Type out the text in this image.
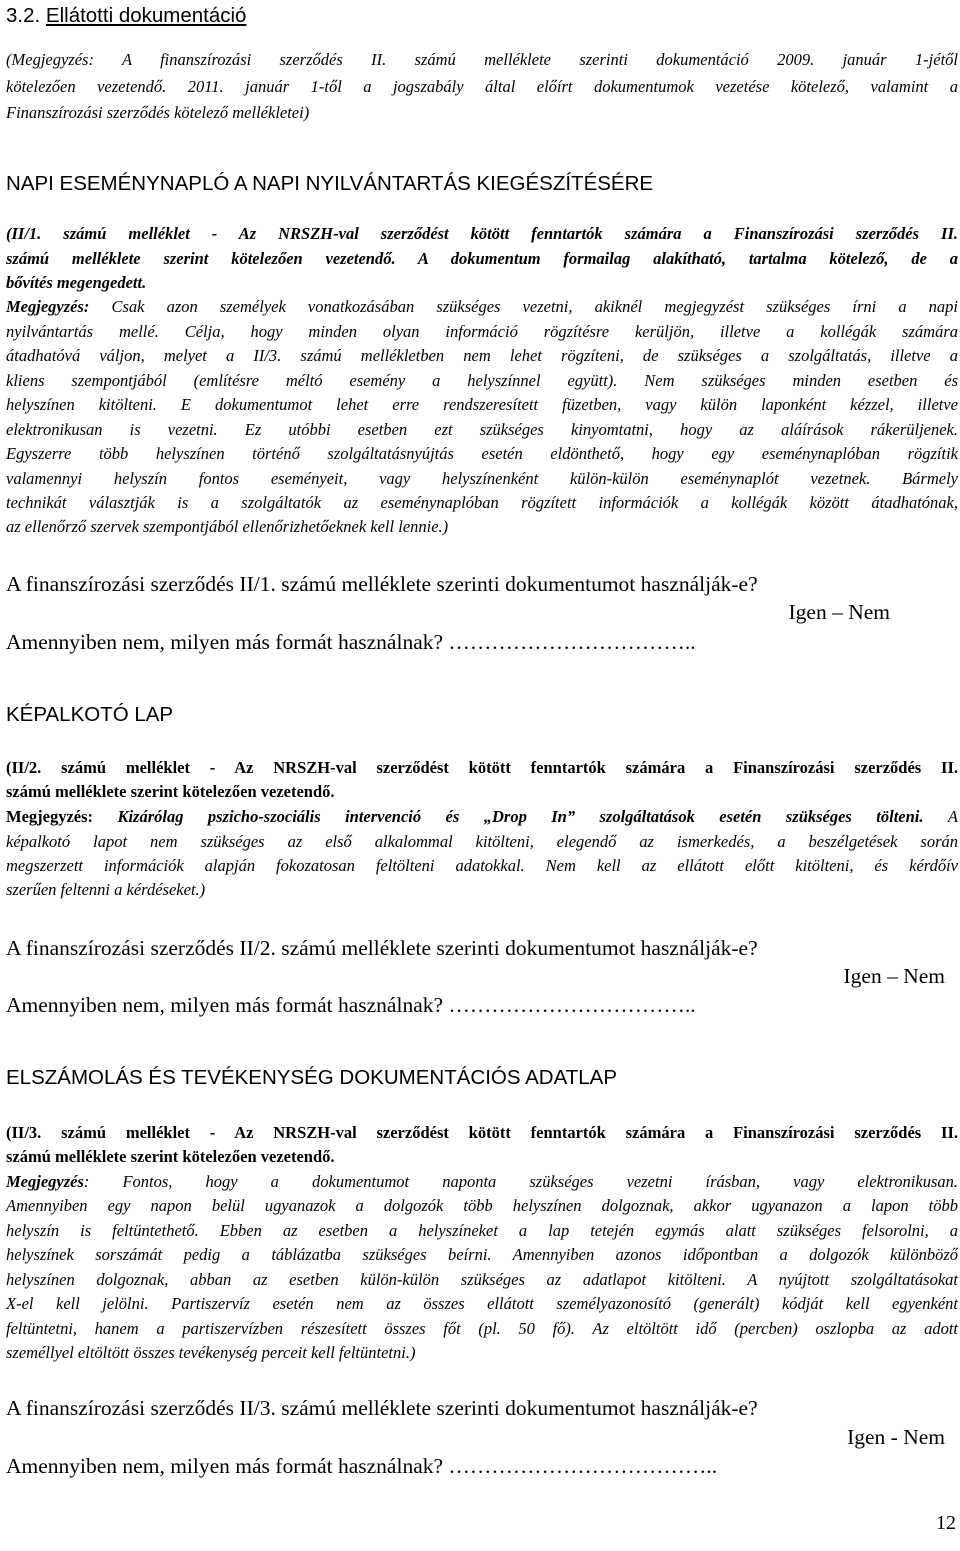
3.2. Ellátotti dokumentáció
(Megjegyzés: A finanszírozási szerződés II. számú melléklete szerinti dokumentáció 2009. január 1-jétől
kötelezően vezetendő. 2011. január 1-től a jogszabály által előírt dokumentumok vezetése kötelező, valamint a
Finanszírozási szerződés kötelező mellékletei)
NAPI ESEMÉNYNAPLÓ A NAPI NYILVÁNTARTÁS KIEGÉSZÍTÉSÉRE
(II/1. számú melléklet - Az NRSZH-val szerződést kötött fenntartók számára a Finanszírozási szerződés II.
számú melléklete szerint kötelezően vezetendő. A dokumentum formailag alakítható, tartalma kötelező, de a
bővítés megengedett.
Megjegyzés: Csak azon személyek vonatkozásában szükséges vezetni, akiknél megjegyzést szükséges írni a napi
nyilvántartás mellé. Célja, hogy minden olyan információ rögzítésre kerüljön, illetve a kollégák számára
átadhatóvá váljon, melyet a II/3. számú mellékletben nem lehet rögzíteni, de szükséges a szolgáltatás, illetve a
kliens szempontjából (említésre méltó esemény a helyszínnel együtt). Nem szükséges minden esetben és
helyszínen kitölteni. E dokumentumot lehet erre rendszeresített füzetben, vagy külön laponként kézzel, illetve
elektronikusan is vezetni. Ez utóbbi esetben ezt szükséges kinyomtatni, hogy az aláírások rákerüljenek.
Egyszerre több helyszínen történő szolgáltatásnyújtás esetén eldönthető, hogy egy eseménynaplóban rögzítik
valamennyi helyszín fontos eseményeit, vagy helyszínenként külön-külön eseménynaplót vezetnek. Bármely
technikát választják is a szolgáltatók az eseménynaplóban rögzített információk a kollégák között átadhatónak,
az ellenőrző szervek szempontjából ellenőrizhetőeknek kell lennie.)
A finanszírozási szerződés II/1. számú melléklete szerinti dokumentumot használják-e?
Igen – Nem
Amennyiben nem, milyen más formát használnak? ……………………………..
KÉPALKOTÓ LAP
(II/2. számú melléklet - Az NRSZH-val szerződést kötött fenntartók számára a Finanszírozási szerződés II.
számú melléklete szerint kötelezően vezetendő.
Megjegyzés: Kizárólag pszicho-szociális intervenció és „Drop In” szolgáltatások esetén szükséges tölteni. A
képalkotó lapot nem szükséges az első alkalommal kitölteni, elegendő az ismerkedés, a beszélgetések során
megszerzett információk alapján fokozatosan feltölteni adatokkal. Nem kell az ellátott előtt kitölteni, és kérdőív
szerűen feltenni a kérdéseket.)
A finanszírozási szerződés II/2. számú melléklete szerinti dokumentumot használják-e?
Igen – Nem
Amennyiben nem, milyen más formát használnak? ……………………………..
ELSZÁMOLÁS ÉS TEVÉKENYSÉG DOKUMENTÁCIÓS ADATLAP
(II/3. számú melléklet - Az NRSZH-val szerződést kötött fenntartók számára a Finanszírozási szerződés II.
számú melléklete szerint kötelezően vezetendő.
Megjegyzés: Fontos, hogy a dokumentumot naponta szükséges vezetni írásban, vagy elektronikusan.
Amennyiben egy napon belül ugyanazok a dolgozók több helyszínen dolgoznak, akkor ugyanazon a lapon több
helyszín is feltüntethető. Ebben az esetben a helyszíneket a lap tetején egymás alatt szükséges felsorolni, a
helyszínek sorszámát pedig a táblázatba szükséges beírni. Amennyiben azonos időpontban a dolgozók különböző
helyszínen dolgoznak, abban az esetben külön-külön szükséges az adatlapot kitölteni. A nyújtott szolgáltatásokat
X-el kell jelölni. Partiszervíz esetén nem az összes ellátott személyazonosító (generált) kódját kell egyenként
feltüntetni, hanem a partiszervízben részesített összes főt (pl. 50 fő). Az eltöltött idő (percben) oszlopba az adott
személlyel eltöltött összes tevékenység perceit kell feltüntetni.)
A finanszírozási szerződés II/3. számú melléklete szerinti dokumentumot használják-e?
Igen - Nem
Amennyiben nem, milyen más formát használnak? ………………………………..
12
